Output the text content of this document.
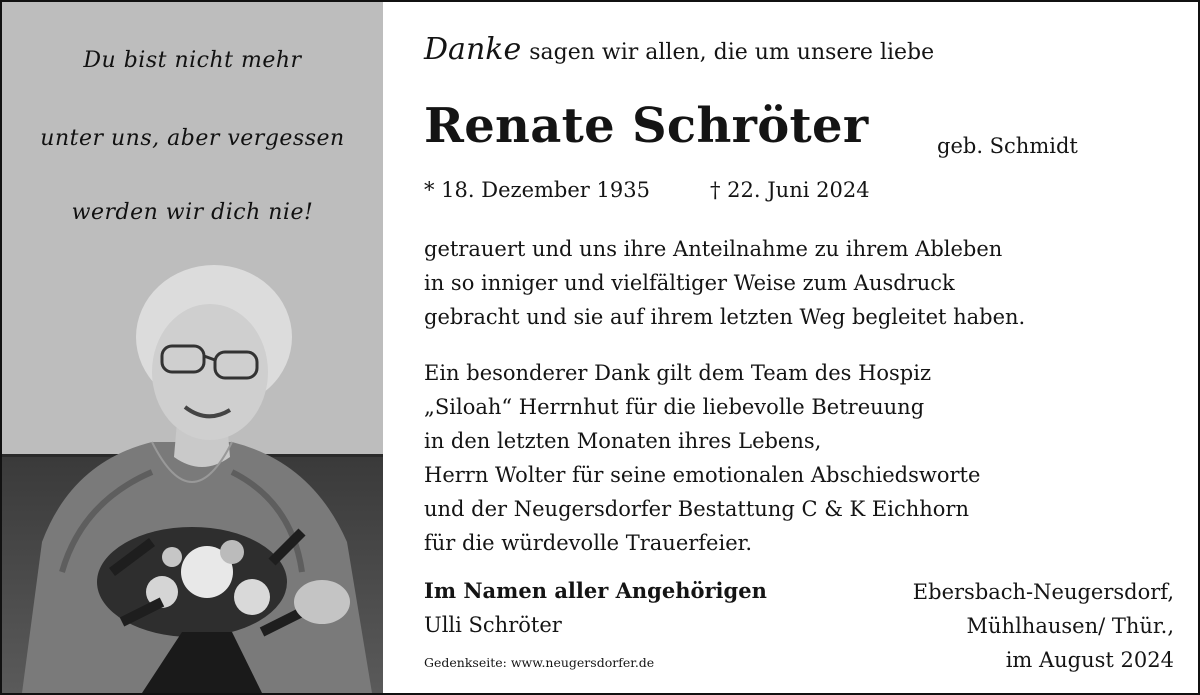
Du bist nicht mehr
unter uns, aber vergessen
werden wir dich nie!
Danke sagen wir allen, die um unsere liebe
Renate Schröter	geb. Schmidt
* 18. Dezember 1935	† 22. Juni 2024
getrauert und uns ihre Anteilnahme zu ihrem Ableben
in so inniger und vielfältiger Weise zum Ausdruck
gebracht und sie auf ihrem letzten Weg begleitet haben.
Ein besonderer Dank gilt dem Team des Hospiz
„Siloah“ Herrnhut für die liebevolle Betreuung
in den letzten Monaten ihres Lebens,
Herrn Wolter für seine emotionalen Abschiedsworte
und der Neugersdorfer Bestattung C & K Eichhorn
für die würdevolle Trauerfeier.
Im Namen aller Angehörigen
Ulli Schröter
Gedenkseite: www.neugersdorfer.de
Ebersbach-Neugersdorf,
Mühlhausen/ Thür.,
im August 2024
